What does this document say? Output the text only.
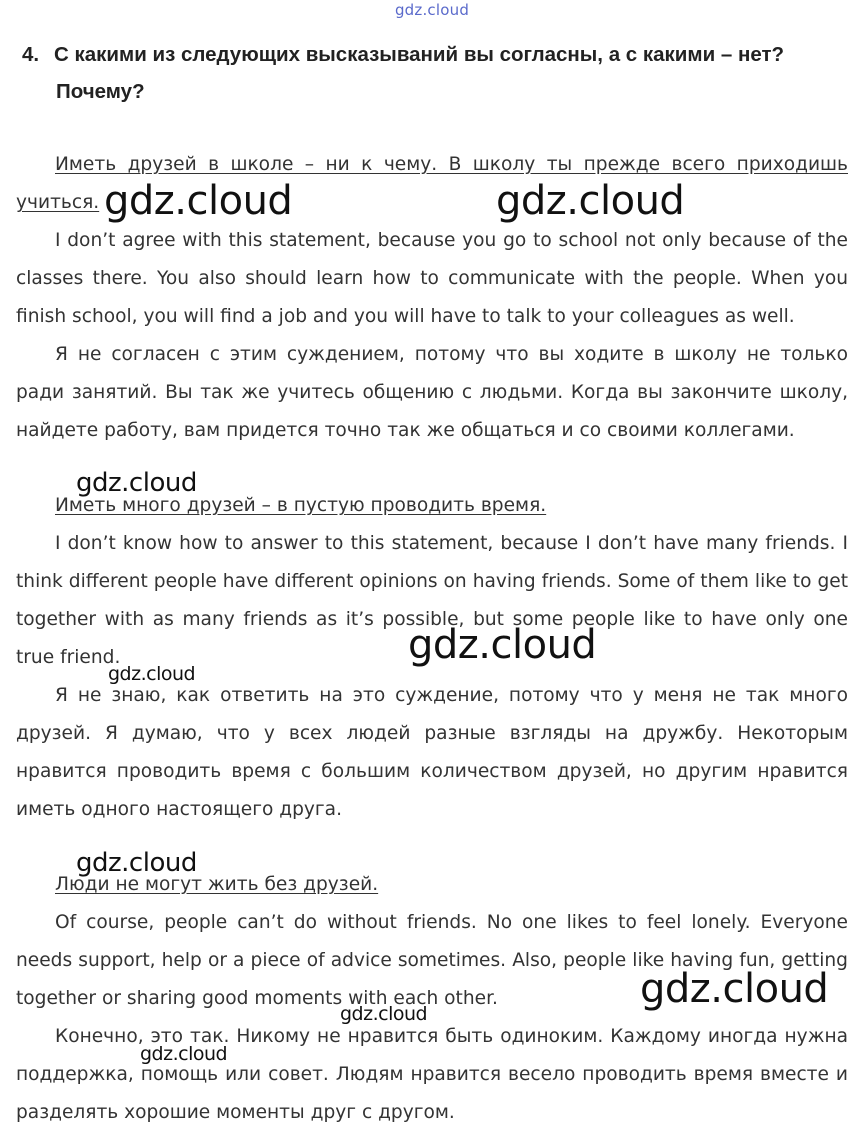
gdz.cloud
4. С какими из следующих высказываний вы согласны, а с какими – нет?
Почему?
Иметь друзей в школе – ни к чему. В школу ты прежде всего приходишь учиться.

I don’t agree with this statement, because you go to school not only because of the classes there. You also should learn how to communicate with the people. When you finish school, you will find a job and you will have to talk to your colleagues as well.

Я не согласен с этим суждением, потому что вы ходите в школу не только ради занятий. Вы так же учитесь общению с людьми. Когда вы закончите школу, найдете работу, вам придется точно так же общаться и со своими коллегами.

Иметь много друзей – в пустую проводить время.

I don’t know how to answer to this statement, because I don’t have many friends. I think different people have different opinions on having friends. Some of them like to get together with as many friends as it’s possible, but some people like to have only one true friend.

Я не знаю, как ответить на это суждение, потому что у меня не так много друзей. Я думаю, что у всех людей разные взгляды на дружбу. Некоторым нравится проводить время с большим количеством друзей, но другим нравится иметь одного настоящего друга.

Люди не могут жить без друзей.

Of course, people can’t do without friends. No one likes to feel lonely. Everyone needs support, help or a piece of advice sometimes. Also, people like having fun, getting together or sharing good moments with each other.

Конечно, это так. Никому не нравится быть одиноким. Каждому иногда нужна поддержка, помощь или совет. Людям нравится весело проводить время вместе и разделять хорошие моменты друг с другом.

gdz.cloud	gdz.cloud
gdz.cloud
gdz.cloud
gdz.cloud
gdz.cloud
gdz.cloud
gdz.cloud
gdz.cloud
